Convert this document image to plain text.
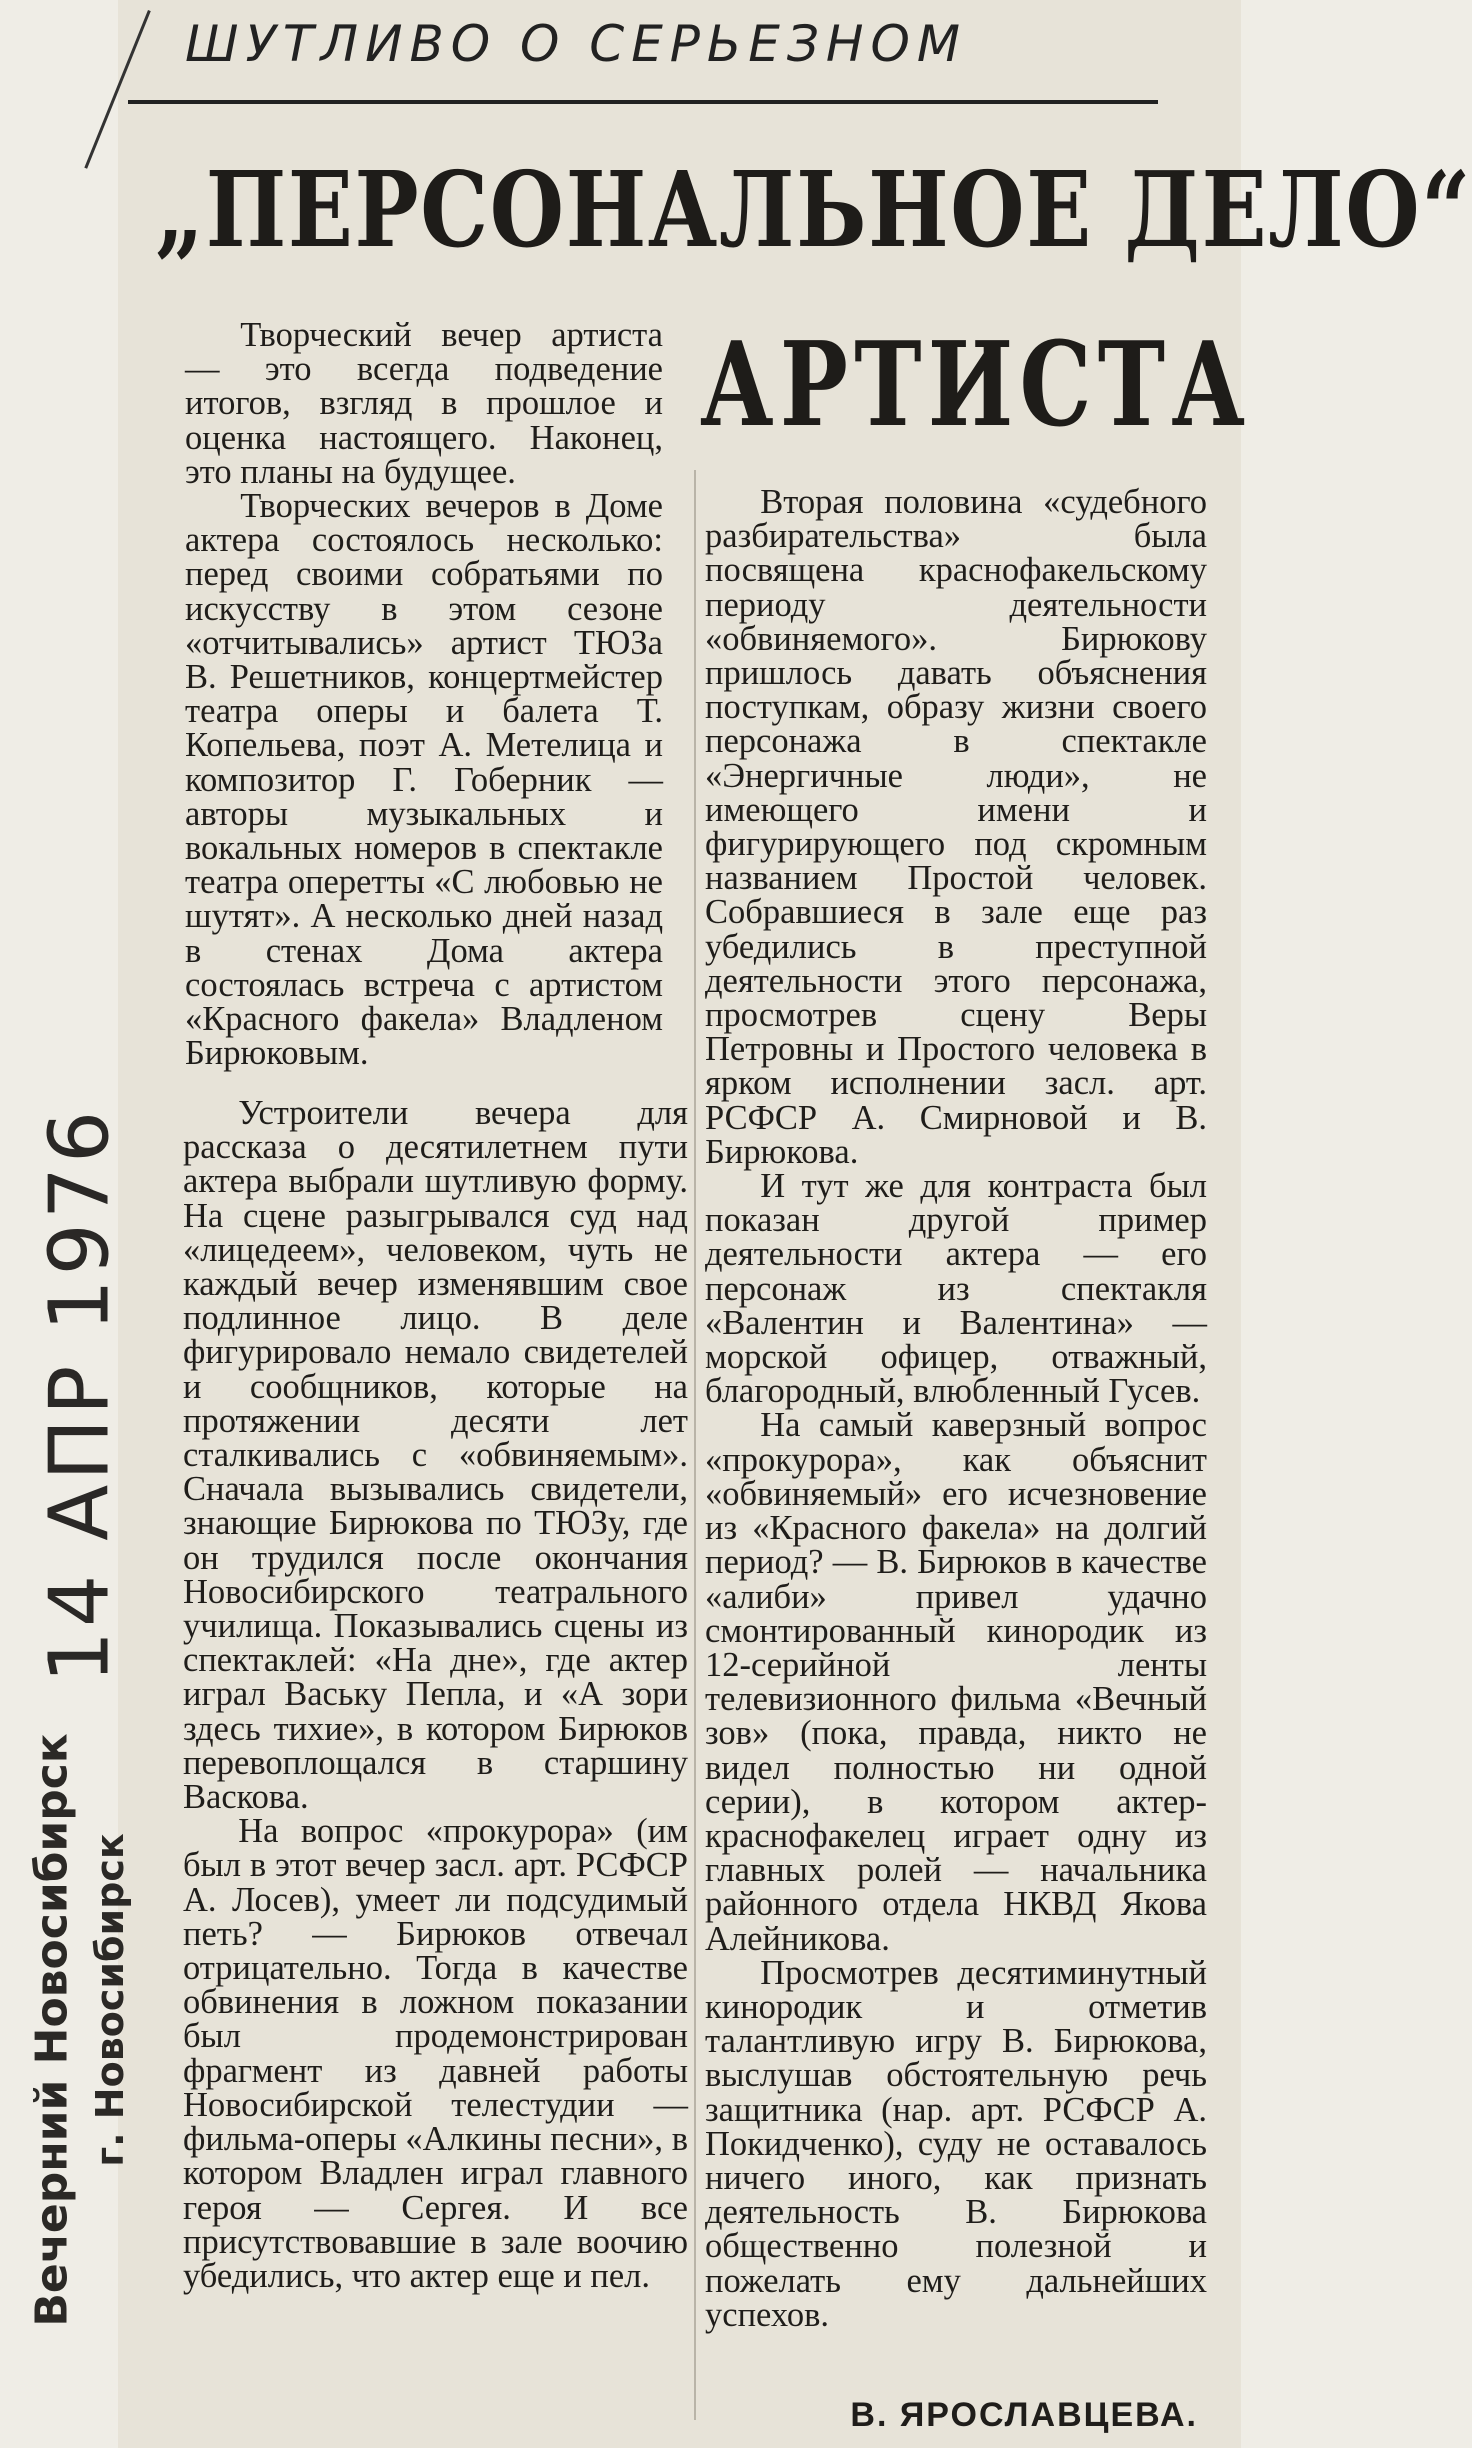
ШУТЛИВО О СЕРЬЕЗНОМ
„ПЕРСОНАЛЬНОЕ ДЕЛО“
АРТИСТА

Творческий вечер артиста — это всегда подведение итогов, взгляд в прошлое и оценка настоящего. Наконец, это планы на будущее.

Творческих вечеров в Доме актера состоялось несколько: перед своими собратьями по искусству в этом сезоне «отчитывались» артист ТЮЗа В. Решетников, концертмейстер театра оперы и балета Т. Копельева, поэт А. Метелица и композитор Г. Гоберник — авторы музыкальных и вокальных номеров в спектакле театра оперетты «С любовью не шутят». А несколько дней назад в стенах Дома актера состоялась встреча с артистом «Красного факела» Владленом Бирюковым.

Устроители вечера для рассказа о десятилетнем пути актера выбрали шутливую форму. На сцене разыгрывался суд над «лицедеем», человеком, чуть не каждый вечер изменявшим свое подлинное лицо. В деле фигурировало немало свидетелей и сообщников, которые на протяжении десяти лет сталкивались с «обвиняемым». Сначала вызывались свидетели, знающие Бирюкова по ТЮЗу, где он трудился после окончания Новосибирского театрального училища. Показывались сцены из спектаклей: «На дне», где актер играл Ваську Пепла, и «А зори здесь тихие», в котором Бирюков перевоплощался в старшину Васкова.

На вопрос «прокурора» (им был в этот вечер засл. арт. РСФСР А. Лосев), умеет ли подсудимый петь? — Бирюков отвечал отрицательно. Тогда в качестве обвинения в ложном показании был продемонстрирован фрагмент из давней работы Новосибирской телестудии — фильма-оперы «Алкины песни», в котором Владлен играл главного героя — Сергея. И все присутствовавшие в зале воочию убедились, что актер еще и пел.

Вторая половина «судебного разбирательства» была посвящена краснофакельскому периоду деятельности «обвиняемого». Бирюкову пришлось давать объяснения поступкам, образу жизни своего персонажа в спектакле «Энергичные люди», не имеющего имени и фигурирующего под скромным названием Простой человек. Собравшиеся в зале еще раз убедились в преступной деятельности этого персонажа, просмотрев сцену Веры Петровны и Простого человека в ярком исполнении засл. арт. РСФСР А. Смирновой и В. Бирюкова.

И тут же для контраста был показан другой пример деятельности актера — его персонаж из спектакля «Валентин и Валентина» — морской офицер, отважный, благородный, влюбленный Гусев.

На самый каверзный вопрос «прокурора», как объяснит «обвиняемый» его исчезновение из «Красного факела» на долгий период? — В. Бирюков в качестве «алиби» привел удачно смонтированный кинородик из 12-серийной ленты телевизионного фильма «Вечный зов» (пока, правда, никто не видел полностью ни одной серии), в котором актер-краснофакелец играет одну из главных ролей — начальника районного отдела НКВД Якова Алейникова.

Просмотрев десятиминутный кинородик и отметив талантливую игру В. Бирюкова, выслушав обстоятельную речь защитника (нар. арт. РСФСР А. Покидченко), суду не оставалось ничего иного, как признать деятельность В. Бирюкова общественно полезной и пожелать ему дальнейших успехов.

В. ЯРОСЛАВЦЕВА.
14 АПР 1976
Вечерний Новосибирск г. Новосибирск
